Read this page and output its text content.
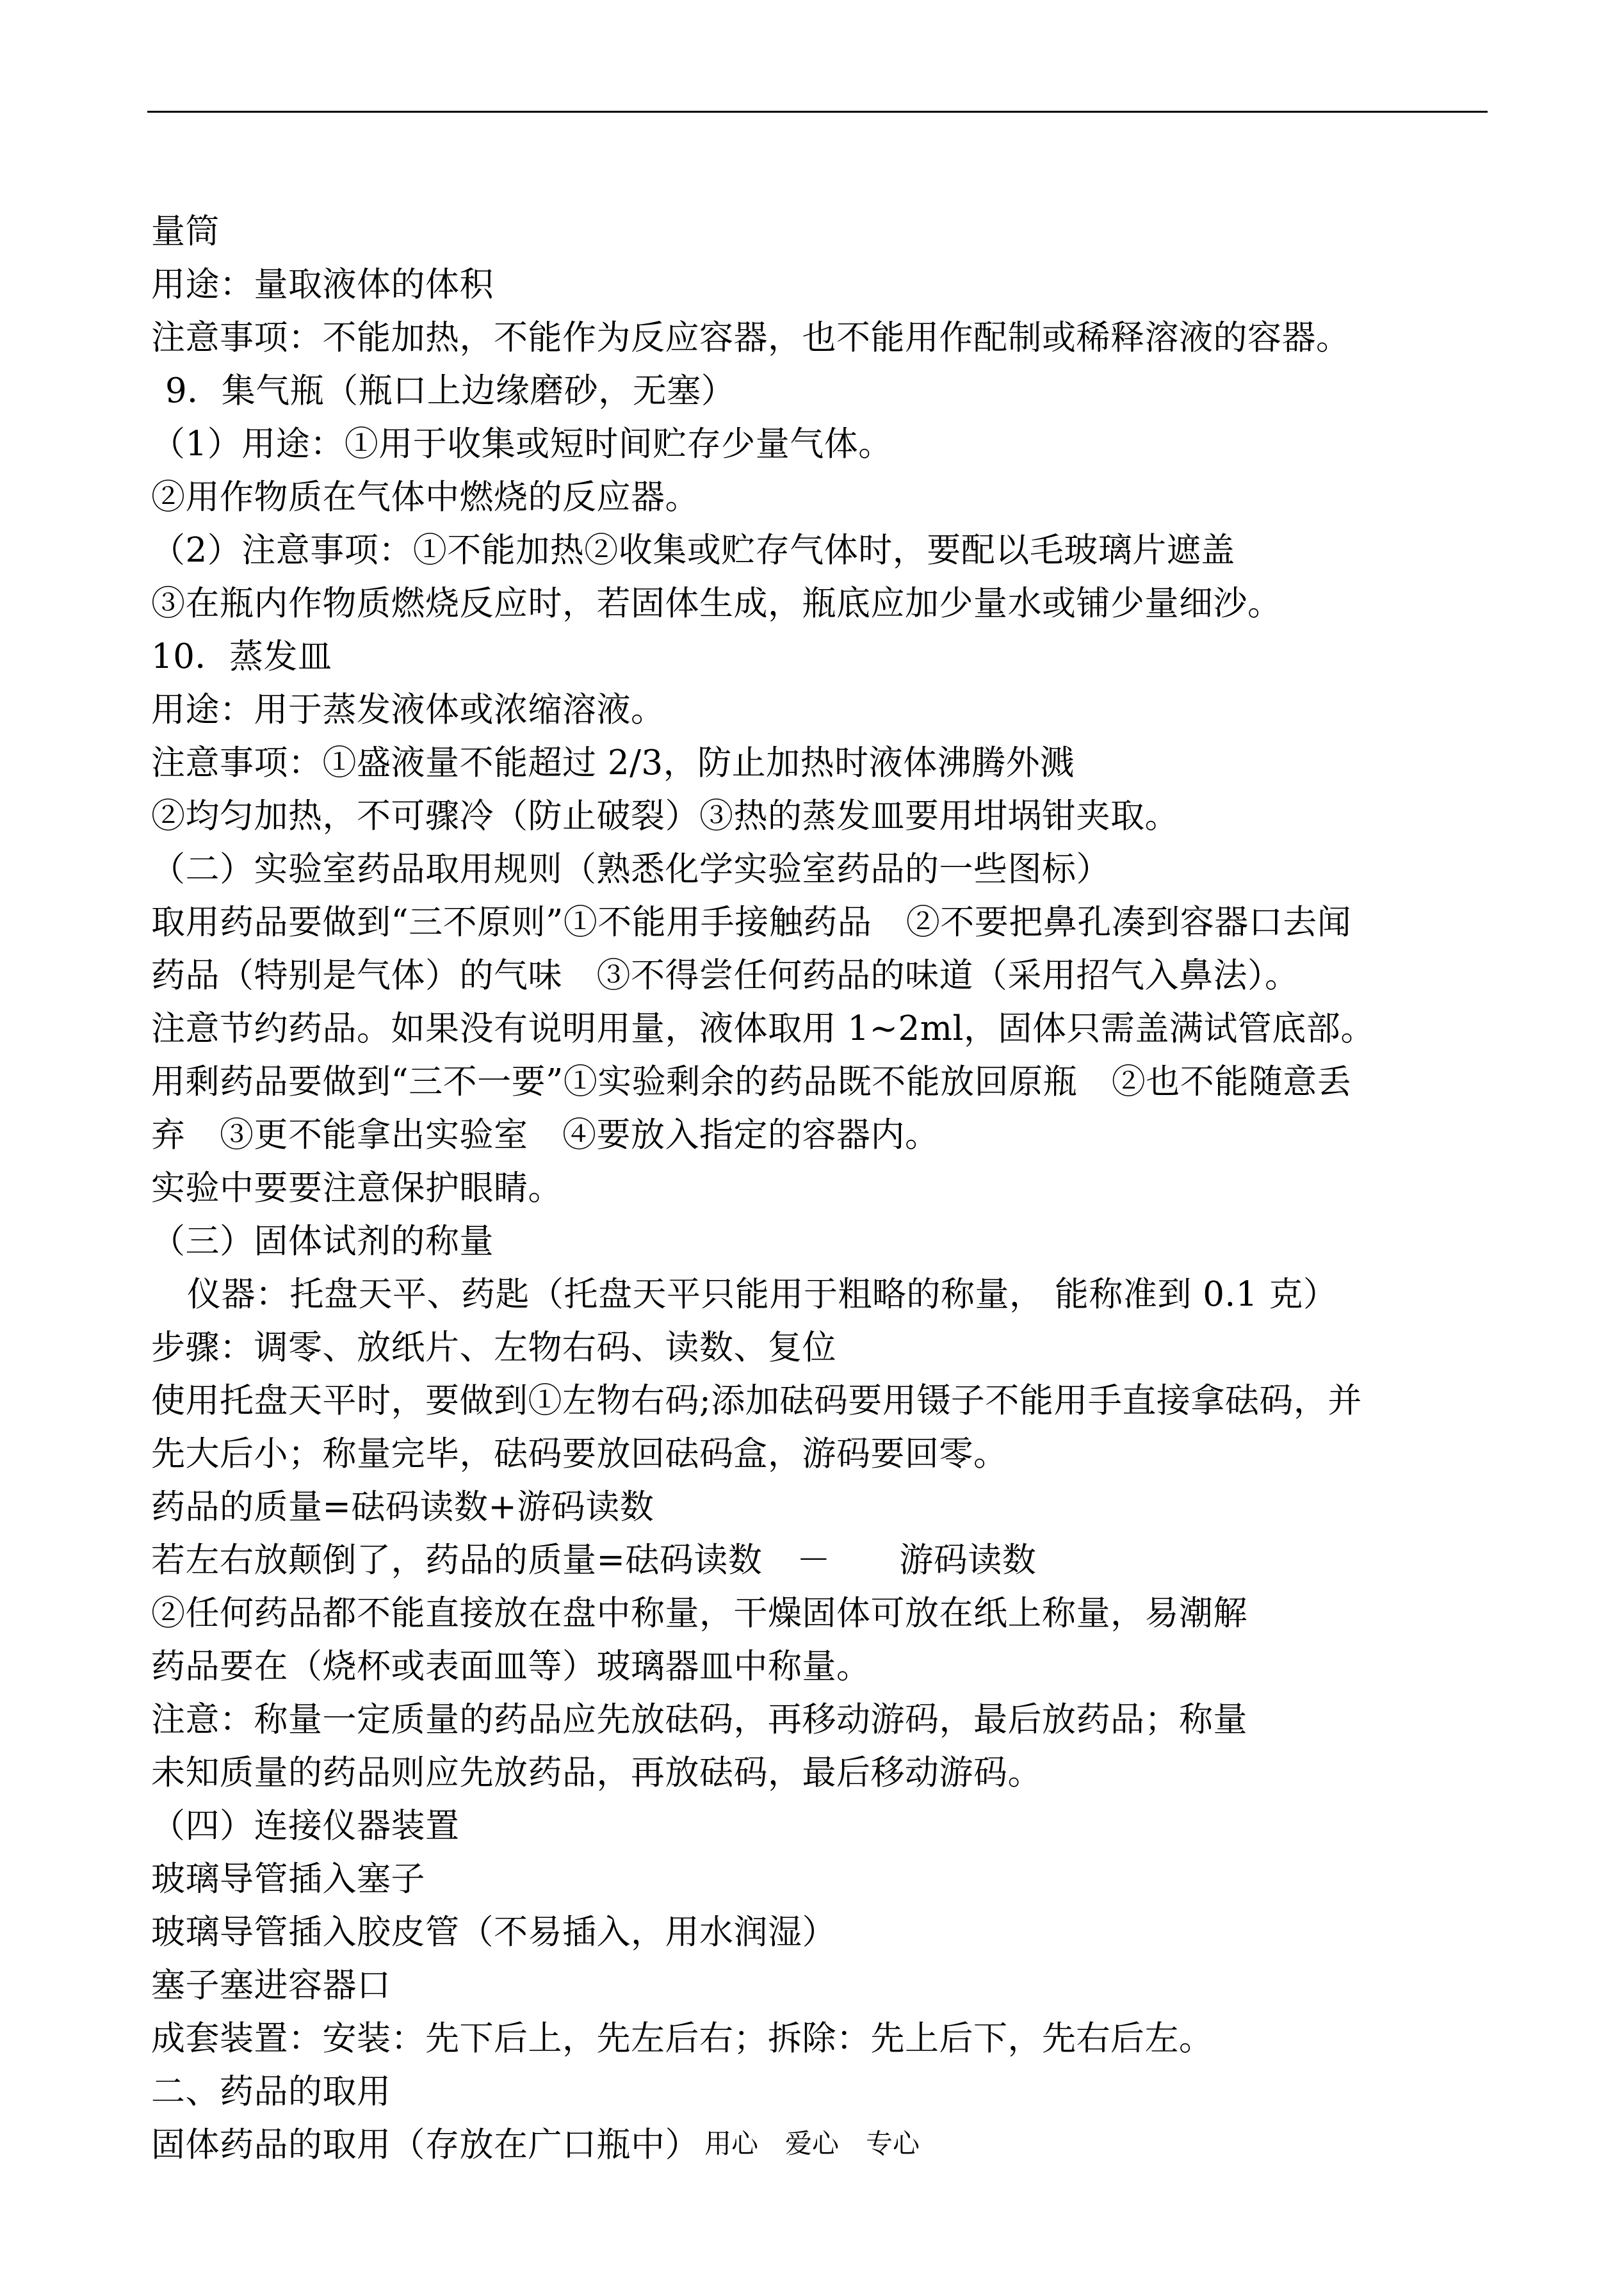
量筒
用途：量取液体的体积
注意事项：不能加热，不能作为反应容器，也不能用作配制或稀释溶液的容器。
9．集气瓶（瓶口上边缘磨砂，无塞）
（1）用途：①用于收集或短时间贮存少量气体。
②用作物质在气体中燃烧的反应器。
（2）注意事项：①不能加热②收集或贮存气体时，要配以毛玻璃片遮盖
③在瓶内作物质燃烧反应时，若固体生成，瓶底应加少量水或铺少量细沙。
10．蒸发皿
用途：用于蒸发液体或浓缩溶液。
注意事项：①盛液量不能超过 2/3，防止加热时液体沸腾外溅
②均匀加热，不可骤冷（防止破裂）③热的蒸发皿要用坩埚钳夹取。
（二）实验室药品取用规则（熟悉化学实验室药品的一些图标）
取用药品要做到“三不原则”①不能用手接触药品　②不要把鼻孔凑到容器口去闻
药品（特别是气体）的气味　③不得尝任何药品的味道（采用招气入鼻法）。
注意节约药品。如果没有说明用量，液体取用 1~2ml，固体只需盖满试管底部。
用剩药品要做到“三不一要”①实验剩余的药品既不能放回原瓶　②也不能随意丢
弃　③更不能拿出实验室　④要放入指定的容器内。
实验中要要注意保护眼睛。
（三）固体试剂的称量
仪器：托盘天平、药匙（托盘天平只能用于粗略的称量， 能称准到 0.1 克）
步骤：调零、放纸片、左物右码、读数、复位
使用托盘天平时，要做到①左物右码;添加砝码要用镊子不能用手直接拿砝码，并
先大后小；称量完毕，砝码要放回砝码盒，游码要回零。
药品的质量=砝码读数+游码读数
若左右放颠倒了，药品的质量=砝码读数　－　　游码读数
②任何药品都不能直接放在盘中称量，干燥固体可放在纸上称量，易潮解
药品要在（烧杯或表面皿等）玻璃器皿中称量。
注意：称量一定质量的药品应先放砝码，再移动游码，最后放药品；称量
未知质量的药品则应先放药品，再放砝码，最后移动游码。
（四）连接仪器装置
玻璃导管插入塞子
玻璃导管插入胶皮管（不易插入，用水润湿）
塞子塞进容器口
成套装置：安装：先下后上，先左后右；拆除：先上后下，先右后左。
二、药品的取用
固体药品的取用（存放在广口瓶中） 用心　爱心　专心
